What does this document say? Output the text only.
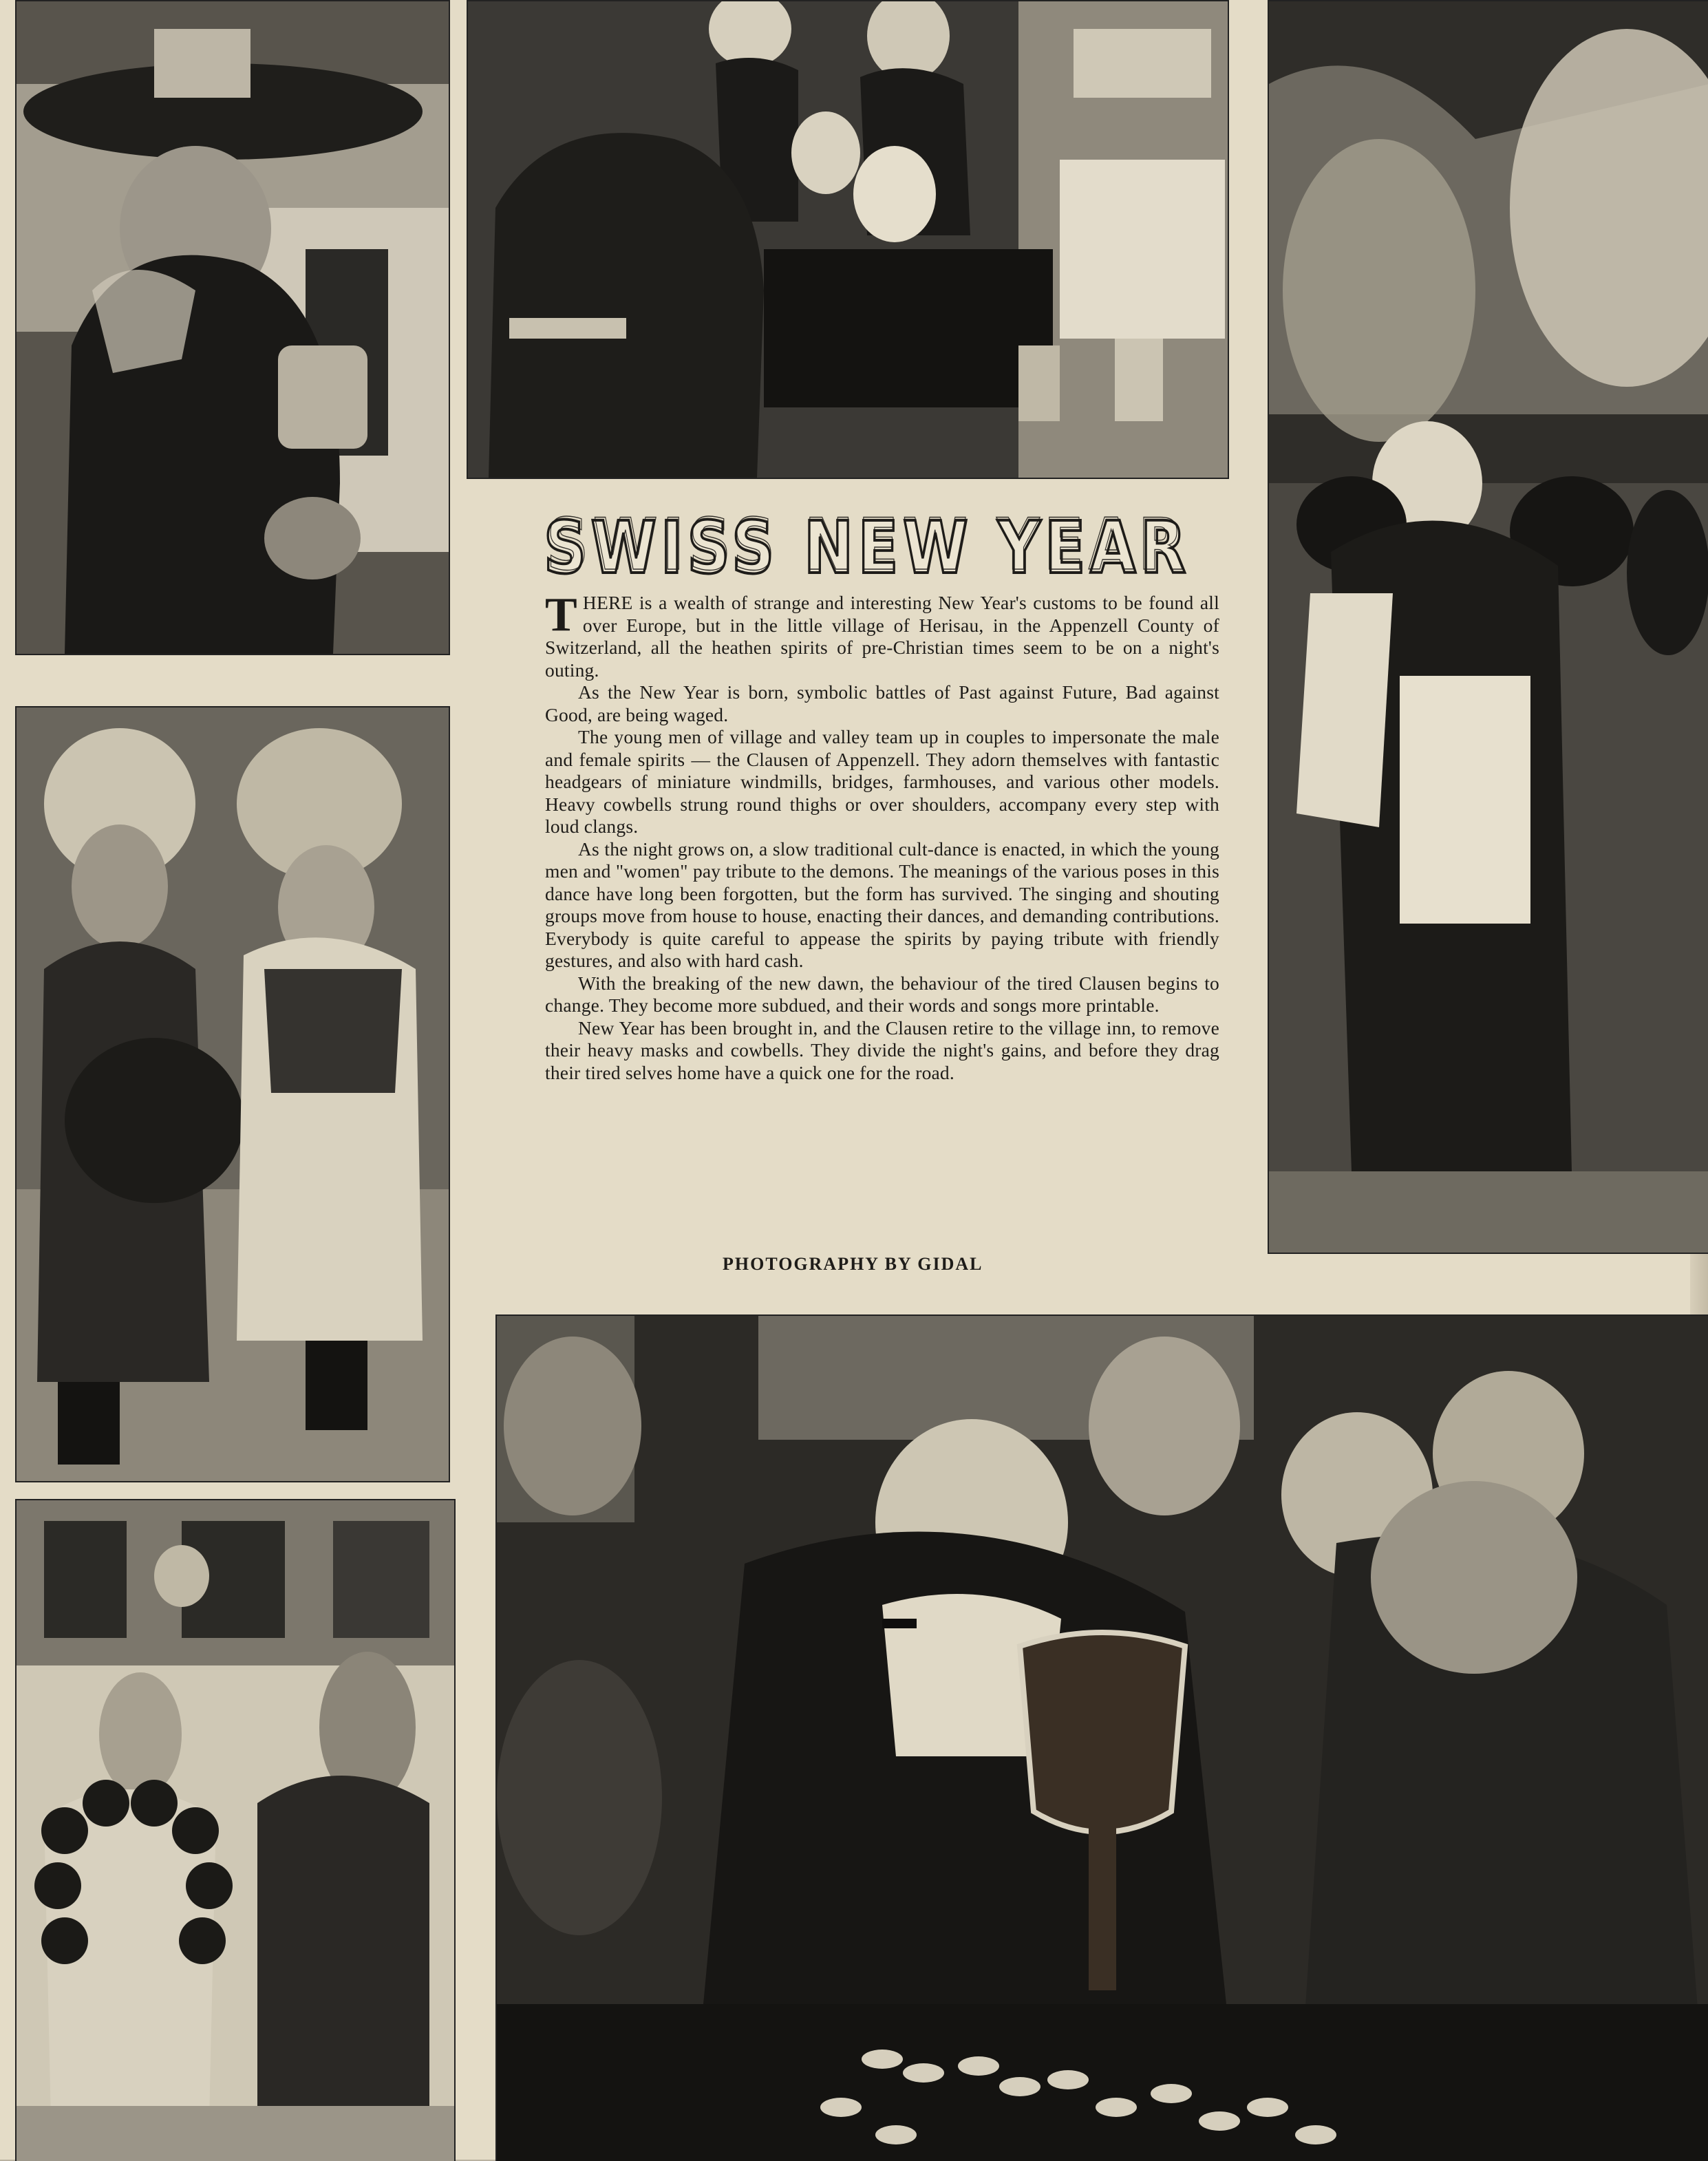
SWISS NEW YEAR
SWISS NEW YEAR

THERE is a wealth of strange and interesting New Year's customs to be found all over Europe, but in the little village of Herisau, in the Appenzell County of Switzerland, all the heathen spirits of pre-Christian times seem to be on a night's outing.

As the New Year is born, symbolic battles of Past against Future, Bad against Good, are being waged.

The young men of village and valley team up in couples to impersonate the male and female spirits — the Clausen of Appenzell. They adorn themselves with fantastic headgears of miniature windmills, bridges, farmhouses, and various other models. Heavy cowbells strung round thighs or over shoulders, accompany every step with loud clangs.

As the night grows on, a slow traditional cult-dance is enacted, in which the young men and "women" pay tribute to the demons. The meanings of the various poses in this dance have long been forgotten, but the form has survived. The singing and shouting groups move from house to house, enacting their dances, and demanding contributions. Everybody is quite careful to appease the spirits by paying tribute with friendly gestures, and also with hard cash.

With the breaking of the new dawn, the behaviour of the tired Clausen begins to change. They become more subdued, and their words and songs more printable.

New Year has been brought in, and the Clausen retire to the village inn, to remove their heavy masks and cowbells. They divide the night's gains, and before they drag their tired selves home have a quick one for the road.

PHOTOGRAPHY BY GIDAL
